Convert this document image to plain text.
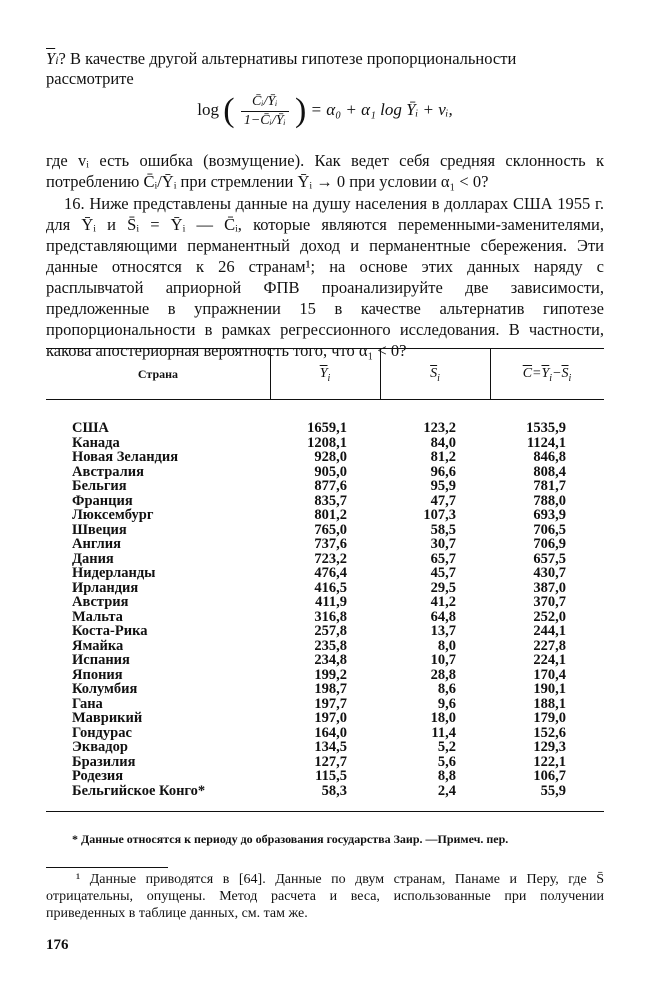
$\overline{Y}i$? В качестве другой альтернативы гипотезе пропорциональности
рассмотрите
log ( $\frac{\text{C̄ᵢ/Ȳᵢ}}{\text{1−C̄ᵢ/Ȳᵢ}}$ ) = α₀ + α₁ log Ȳᵢ + vᵢ,
где vᵢ есть ошибка (возмущение). Как ведет себя средняя склонность к потреблению C̄ᵢ/Ȳᵢ при стремлении Ȳᵢ → 0 при условии α₁ < 0?
16. Ниже представлены данные на душу населения в долларах США 1955 г. для Ȳᵢ и S̄ᵢ = Ȳᵢ — C̄ᵢ, которые являются переменными-заменителями, представляющими перманентный доход и перманентные сбережения. Эти данные относятся к 26 странам¹; на основе этих данных наряду с расплывчатой априорной ФПВ проанализируйте две зависимости, предложенные в упражнении 15 в качестве альтернатив гипотезе пропорциональности в рамках регрессионного исследования. В частности, какова апостериорная вероятность того, что α₁ < 0?
Страна	$\overline{Y}_i$	$\overline{S}_i$	$\overline{C}=\overline{Y}_i-\overline{S}_i$
США	1659,1	123,2	1535,9
Канада	1208,1	84,0	1124,1
Новая Зеландия	928,0	81,2	846,8
Австралия	905,0	96,6	808,4
Бельгия	877,6	95,9	781,7
Франция	835,7	47,7	788,0
Люксембург	801,2	107,3	693,9
Швеция	765,0	58,5	706,5
Англия	737,6	30,7	706,9
Дания	723,2	65,7	657,5
Нидерланды	476,4	45,7	430,7
Ирландия	416,5	29,5	387,0
Австрия	411,9	41,2	370,7
Мальта	316,8	64,8	252,0
Коста-Рика	257,8	13,7	244,1
Ямайка	235,8	8,0	227,8
Испания	234,8	10,7	224,1
Япония	199,2	28,8	170,4
Колумбия	198,7	8,6	190,1
Гана	197,7	9,6	188,1
Маврикий	197,0	18,0	179,0
Гондурас	164,0	11,4	152,6
Эквадор	134,5	5,2	129,3
Бразилия	127,7	5,6	122,1
Родезия	115,5	8,8	106,7
Бельгийское Конго*	58,3	2,4	55,9
* Данные относятся к периоду до образования государства Заир. —Примеч. пер.
¹ Данные приводятся в [64]. Данные по двум странам, Панаме и Перу, где S̄ отрицательны, опущены. Метод расчета и веса, использованные при получении приведенных в таблице данных, см. там же.
176
